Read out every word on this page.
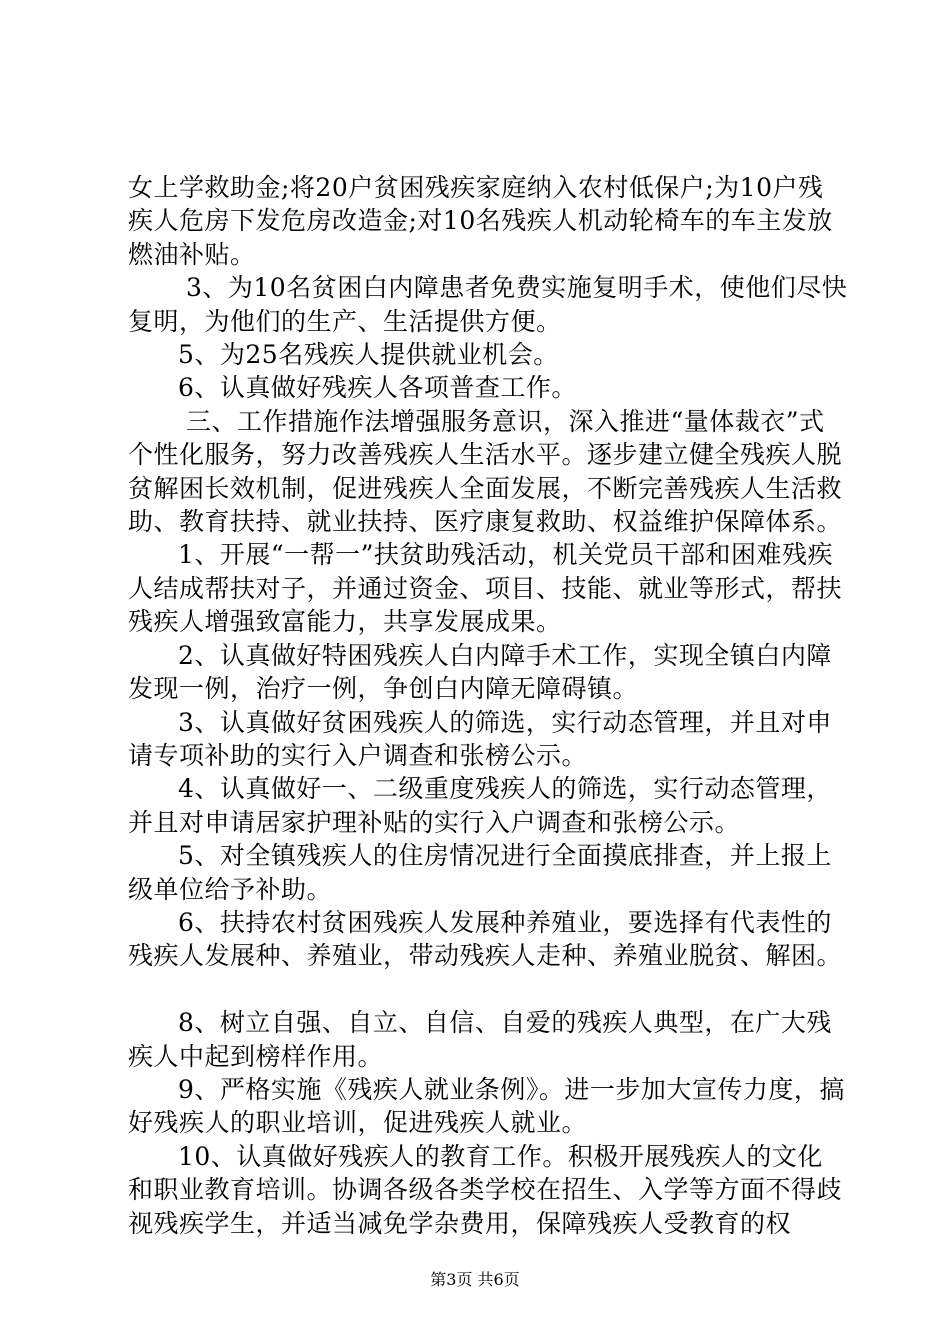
女上学救助金;将20户贫困残疾家庭纳入农村低保户;为10户残疾人危房下发危房改造金;对10名残疾人机动轮椅车的车主发放燃油补贴。

3、为10名贫困白内障患者免费实施复明手术，使他们尽快复明，为他们的生产、生活提供方便。

5、为25名残疾人提供就业机会。

6、认真做好残疾人各项普查工作。

三、工作措施作法增强服务意识，深入推进“量体裁衣”式个性化服务，努力改善残疾人生活水平。逐步建立健全残疾人脱贫解困长效机制，促进残疾人全面发展，不断完善残疾人生活救助、教育扶持、就业扶持、医疗康复救助、权益维护保障体系。

1、开展“一帮一”扶贫助残活动，机关党员干部和困难残疾人结成帮扶对子，并通过资金、项目、技能、就业等形式，帮扶残疾人增强致富能力，共享发展成果。

2、认真做好特困残疾人白内障手术工作，实现全镇白内障发现一例，治疗一例，争创白内障无障碍镇。

3、认真做好贫困残疾人的筛选，实行动态管理，并且对申请专项补助的实行入户调查和张榜公示。

4、认真做好一、二级重度残疾人的筛选，实行动态管理，并且对申请居家护理补贴的实行入户调查和张榜公示。

5、对全镇残疾人的住房情况进行全面摸底排查，并上报上级单位给予补助。

6、扶持农村贫困残疾人发展种养殖业，要选择有代表性的残疾人发展种、养殖业，带动残疾人走种、养殖业脱贫、解困。

8、树立自强、自立、自信、自爱的残疾人典型，在广大残疾人中起到榜样作用。

9、严格实施《残疾人就业条例》。进一步加大宣传力度，搞好残疾人的职业培训，促进残疾人就业。

10、认真做好残疾人的教育工作。积极开展残疾人的文化和职业教育培训。协调各级各类学校在招生、入学等方面不得歧视残疾学生，并适当减免学杂费用，保障残疾人受教育的权

第3页 共6页
